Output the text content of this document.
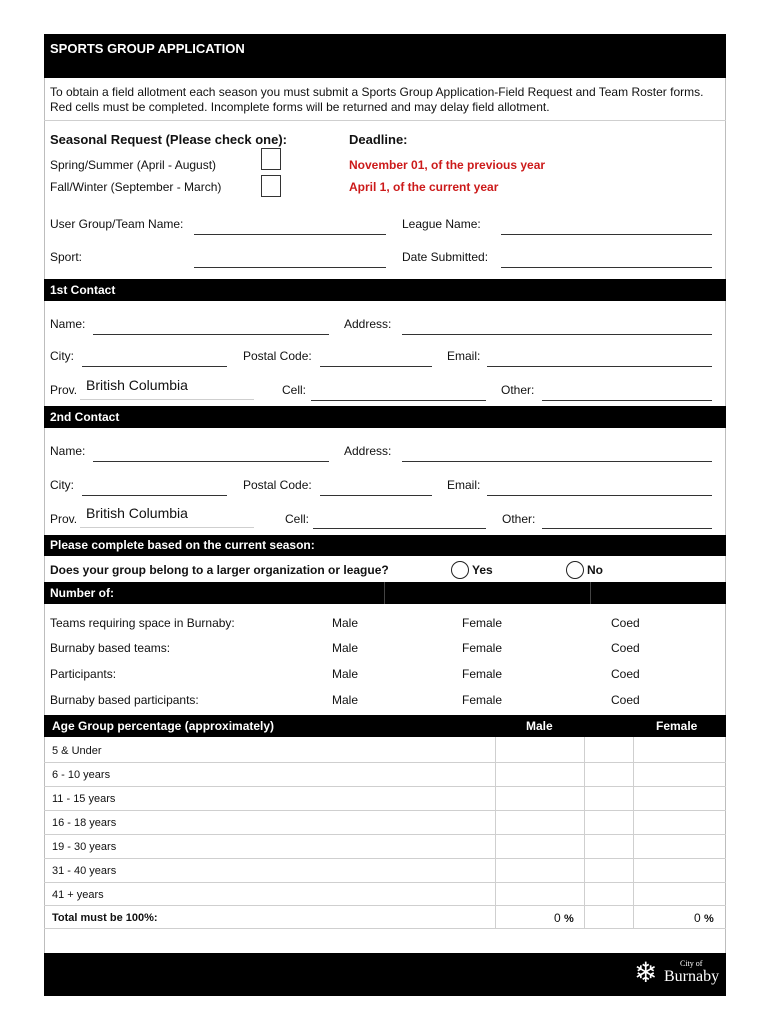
SPORTS GROUP APPLICATION
To obtain a field allotment each season you must submit a Sports Group Application-Field Request and Team Roster forms. Red cells must be completed. Incomplete forms will be returned and may delay field allotment.
Seasonal Request (Please check one):	Deadline:
Spring/Summer (April - August)	November 01, of the previous year
Fall/Winter (September - March)	April 1, of the current year
User Group/Team Name:	League Name:
Sport:	Date Submitted:
1st Contact
Name:	Address:
City:	Postal Code:	Email:
Prov. British Columbia	Cell:	Other:
2nd Contact
Name:	Address:
City:	Postal Code:	Email:
Prov. British Columbia	Cell:	Other:
Please complete based on the current season:
Does your group belong to a larger organization or league?	Yes	No
Number of:
Teams requiring space in Burnaby:	Male	Female	Coed
Burnaby based teams:	Male	Female	Coed
Participants:	Male	Female	Coed
Burnaby based participants:	Male	Female	Coed
Age Group percentage (approximately)	Male	Female
5 & Under
6 - 10 years
11 - 15 years
16 - 18 years
19 - 30 years
31 - 40 years
41 + years
Total must be 100%:	0 %	0 %
❄	City of
Burnaby
